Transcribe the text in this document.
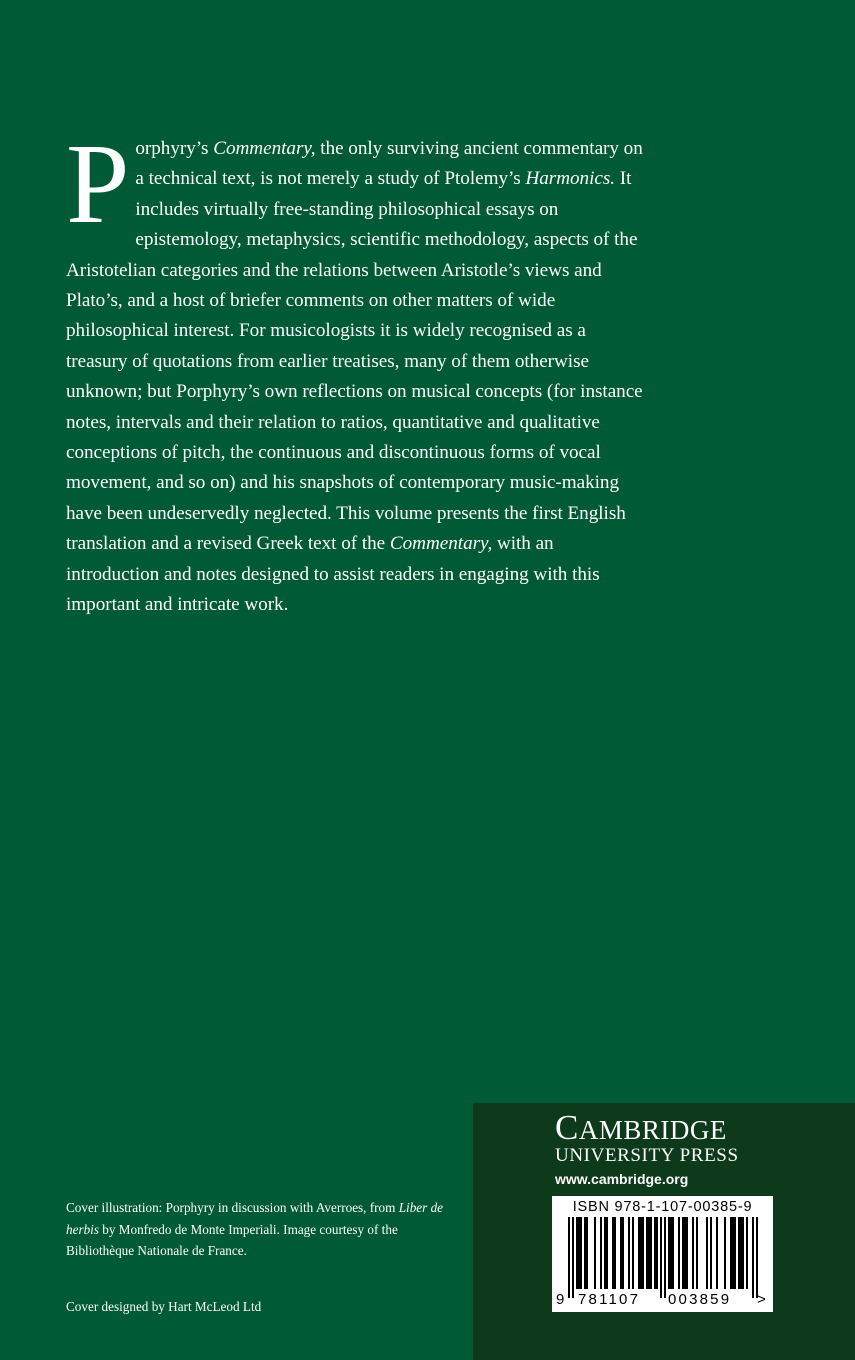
Porphyry’s Commentary, the only surviving ancient commentary on a technical text, is not merely a study of Ptolemy’s Harmonics. It includes virtually free-standing philosophical essays on epistemology, metaphysics, scientific methodology, aspects of the Aristotelian categories and the relations between Aristotle’s views and Plato’s, and a host of briefer comments on other matters of wide philosophical interest. For musicologists it is widely recognised as a treasury of quotations from earlier treatises, many of them otherwise unknown; but Porphyry’s own reflections on musical concepts (for instance notes, intervals and their relation to ratios, quantitative and qualitative conceptions of pitch, the continuous and discontinuous forms of vocal movement, and so on) and his snapshots of contemporary music-making have been undeservedly neglected. This volume presents the first English translation and a revised Greek text of the Commentary, with an introduction and notes designed to assist readers in engaging with this important and intricate work.

Cover illustration: Porphyry in discussion with Averroes, from Liber de herbis by Monfredo de Monte Imperiali. Image courtesy of the Bibliothèque Nationale de France.

Cover designed by Hart McLeod Ltd

CAMBRIDGE
UNIVERSITY PRESS
www.cambridge.org
ISBN 978-1-107-00385-9
9 781107 003859 >
